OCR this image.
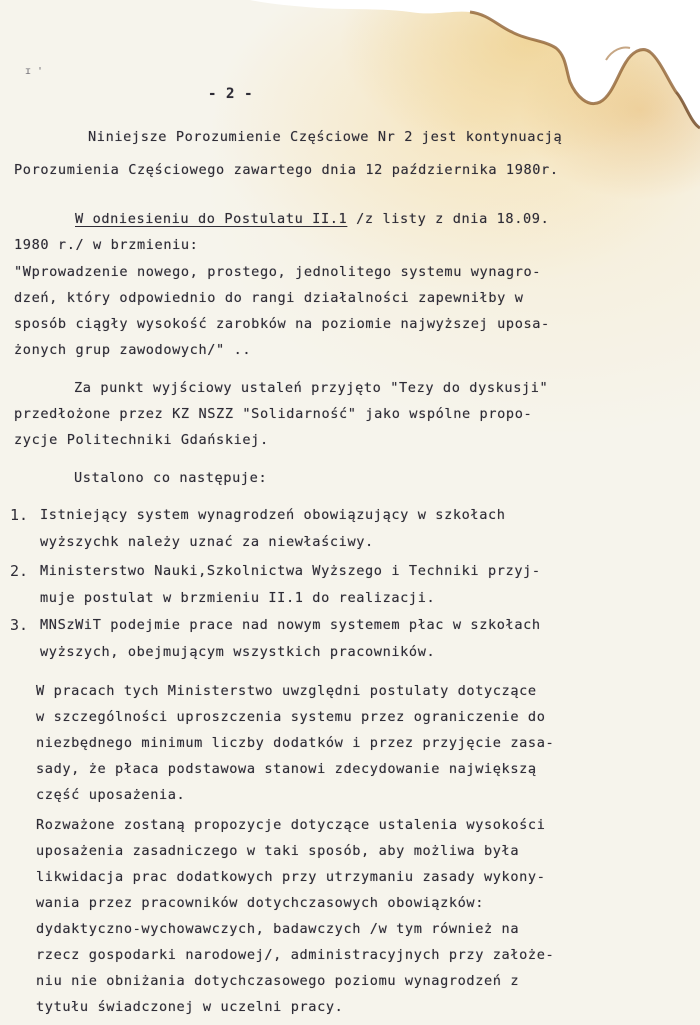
ɪ '
- 2 -
Niniejsze Porozumienie Częściowe Nr 2 jest kontynuacją
Porozumienia Częściowego zawartego dnia 12 października 1980r.
W odniesieniu do Postulatu II.1 /z listy z dnia 18.09.
1980 r./ w brzmieniu:
"Wprowadzenie nowego, prostego, jednolitego systemu wynagro-
dzeń, który odpowiednio do rangi działalności zapewniłby w
sposób ciągły wysokość zarobków na poziomie najwyższej uposa-
żonych grup zawodowych/" ..
Za punkt wyjściowy ustaleń przyjęto "Tezy do dyskusji"
przedłożone przez KZ NSZZ "Solidarność" jako wspólne propo-
zycje Politechniki Gdańskiej.
Ustalono co następuje:
1. Istniejący system wynagrodzeń obowiązujący w szkołach
wyższychk należy uznać za niewłaściwy.
2. Ministerstwo Nauki,Szkolnictwa Wyższego i Techniki przyj-
muje postulat w brzmieniu II.1 do realizacji.
3. MNSzWiT podejmie prace nad nowym systemem płac w szkołach
wyższych, obejmującym wszystkich pracowników.
W pracach tych Ministerstwo uwzględni postulaty dotyczące
w szczególności uproszczenia systemu przez ograniczenie do
niezbędnego minimum liczby dodatków i przez przyjęcie zasa-
sady, że płaca podstawowa stanowi zdecydowanie największą
część uposażenia.
Rozważone zostaną propozycje dotyczące ustalenia wysokości
uposażenia zasadniczego w taki sposób, aby możliwa była
likwidacja prac dodatkowych przy utrzymaniu zasady wykony-
wania przez pracowników dotychczasowych obowiązków:
dydaktyczno-wychowawczych, badawczych /w tym również na
rzecz gospodarki narodowej/, administracyjnych przy założe-
niu nie obniżania dotychczasowego poziomu wynagrodzeń z
tytułu świadczonej w uczelni pracy.
